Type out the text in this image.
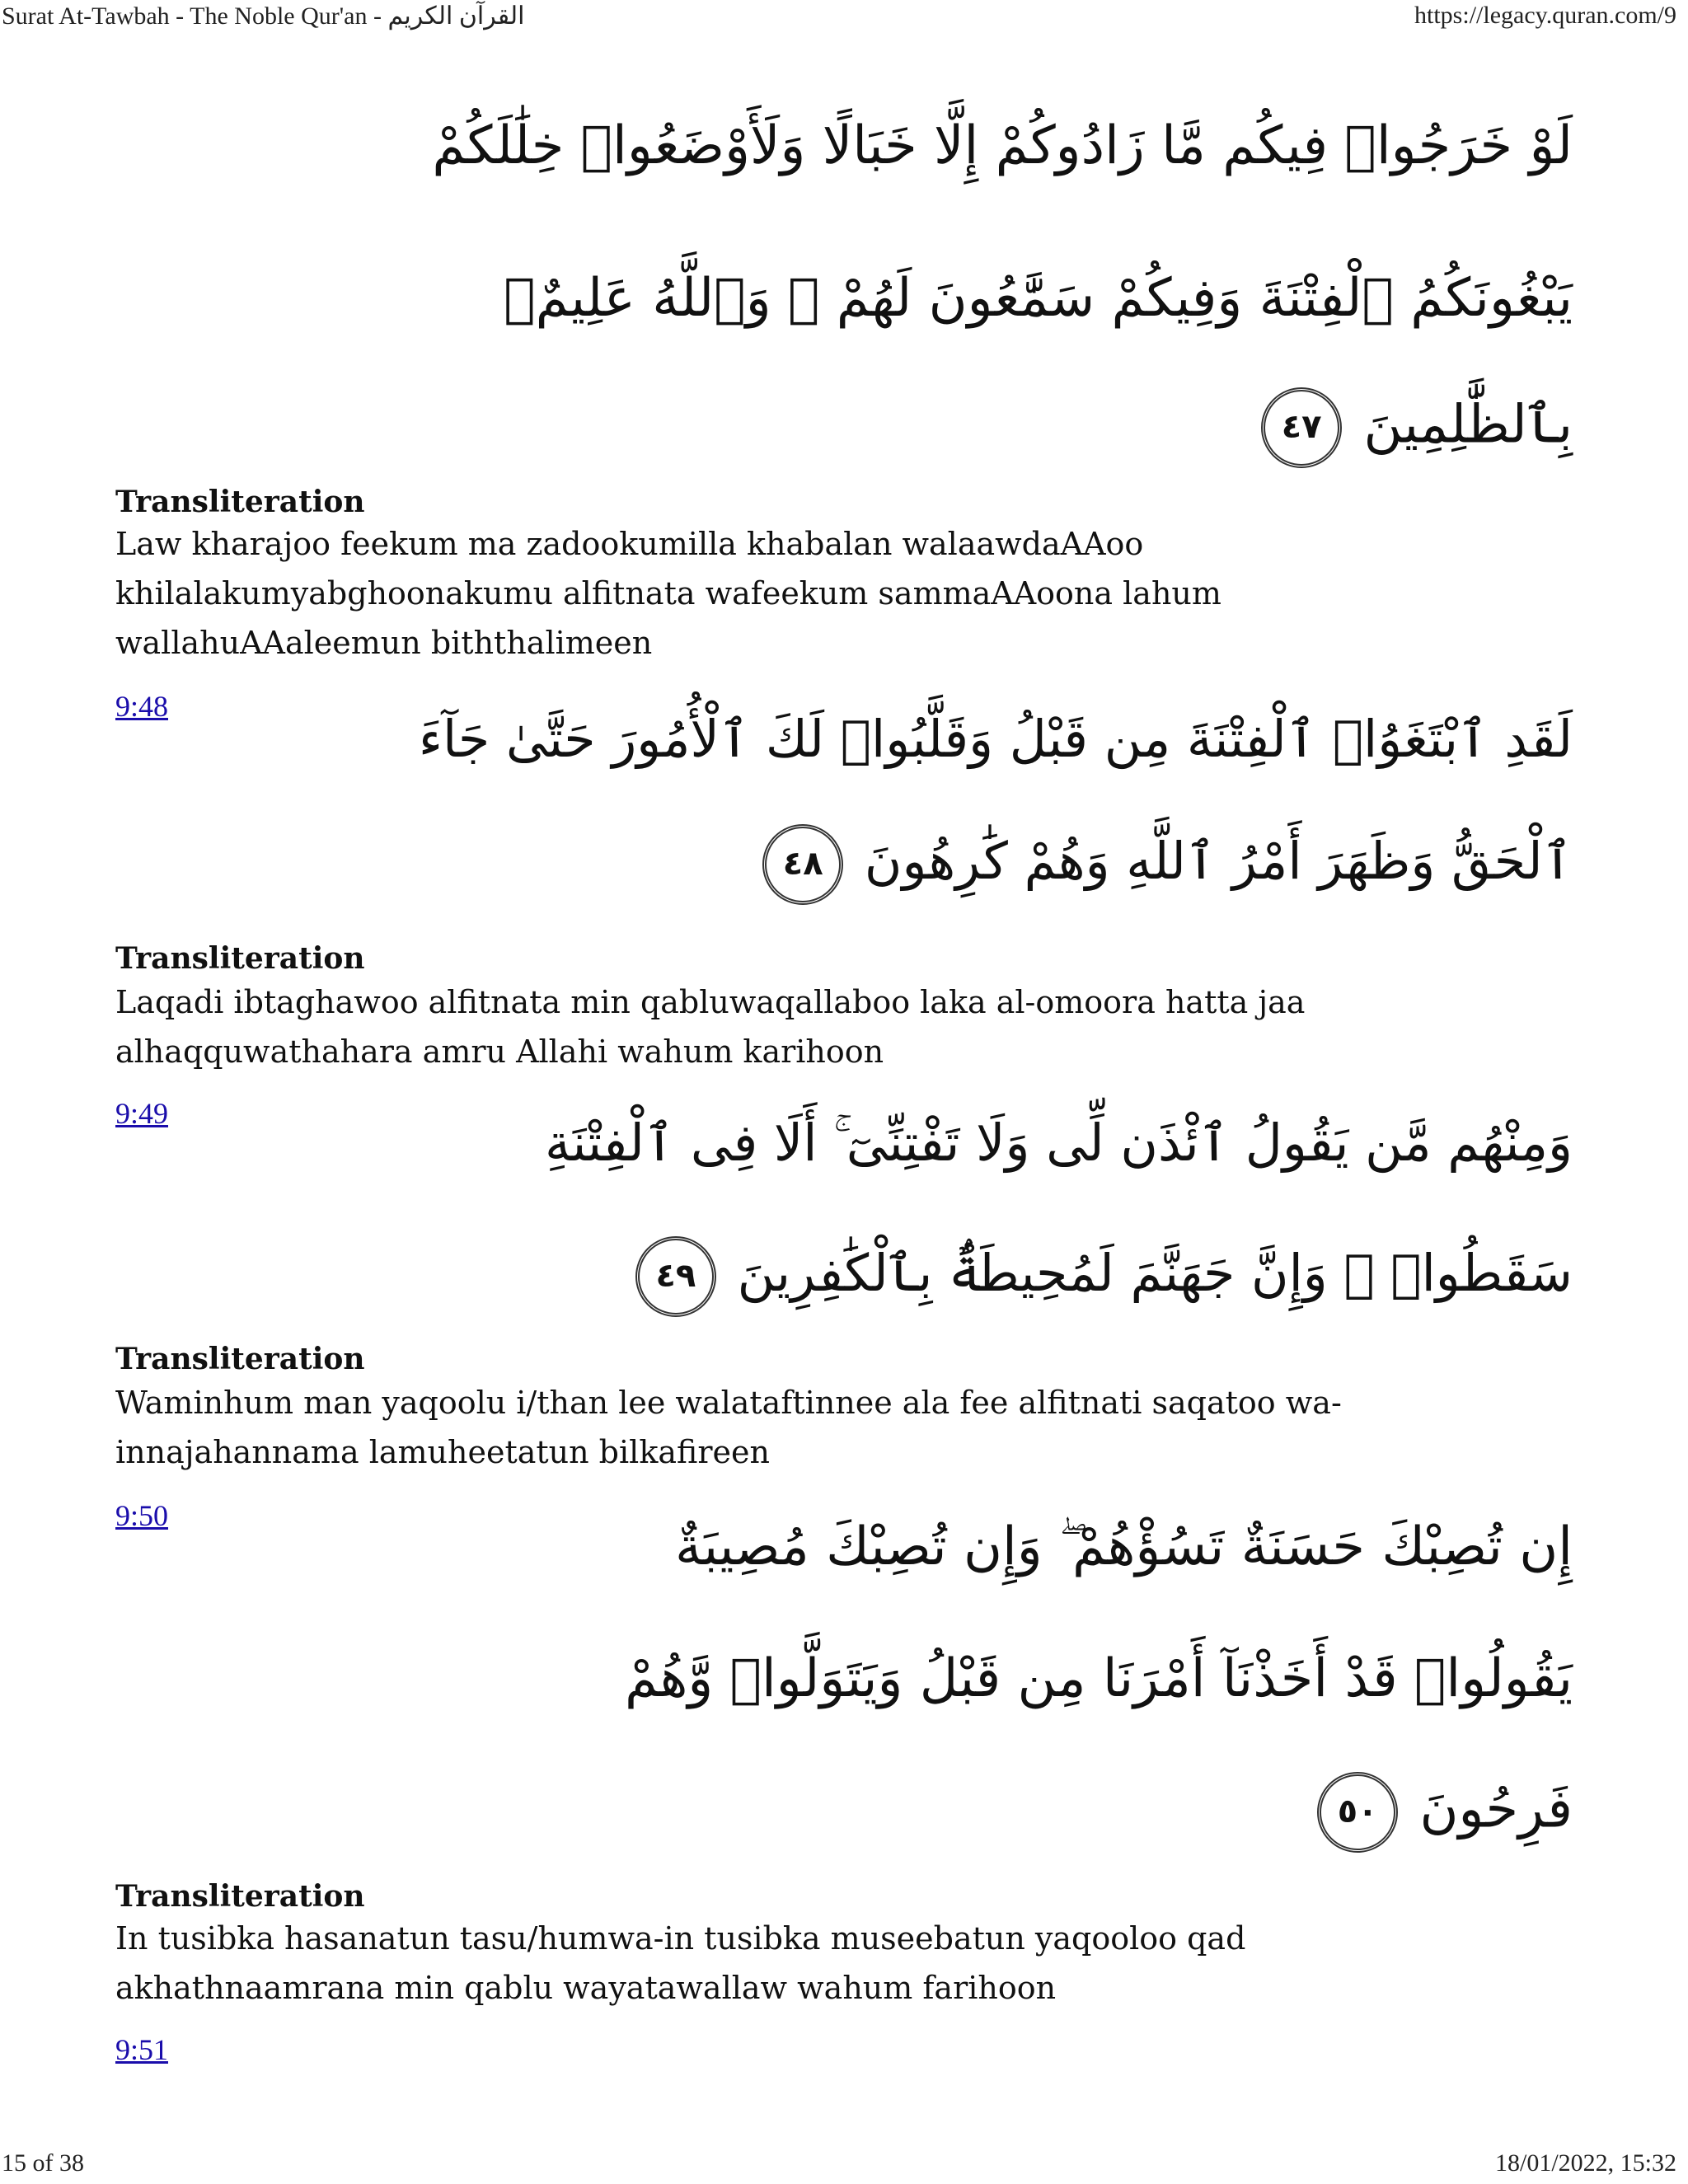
Surat At-Tawbah - The Noble Qur'an - القرآن الكريم	https://legacy.quran.com/9
لَوْ خَرَجُوا۟ فِيكُم مَّا زَادُوكُمْ إِلَّا خَبَالًا وَلَأَوْضَعُوا۟ خِلَٰلَكُمْ
يَبْغُونَكُمُ ٱلْفِتْنَةَ وَفِيكُمْ سَمَّٰعُونَ لَهُمْ ۗ وَٱللَّهُ عَلِيمٌۢ
بِٱلظَّٰلِمِينَ ٤٧
Transliteration
Law kharajoo feekum ma zadookumilla khabalan walaawdaAAoo khilalakumyabghoonakumu alfitnata wafeekum sammaAAoona lahum wallahuAAaleemun biththalimeen
9:48
لَقَدِ ٱبْتَغَوُا۟ ٱلْفِتْنَةَ مِن قَبْلُ وَقَلَّبُوا۟ لَكَ ٱلْأُمُورَ حَتَّىٰ جَآءَ
ٱلْحَقُّ وَظَهَرَ أَمْرُ ٱللَّهِ وَهُمْ كَٰرِهُونَ ٤٨
Transliteration
Laqadi ibtaghawoo alfitnata min qabluwaqallaboo laka al-omoora hatta jaa alhaqquwathahara amru Allahi wahum karihoon
9:49	وَمِنْهُم مَّن يَقُولُ ٱئْذَن لِّى وَلَا تَفْتِنِّىٓ ۚ أَلَا فِى ٱلْفِتْنَةِ
سَقَطُوا۟ ۗ وَإِنَّ جَهَنَّمَ لَمُحِيطَةٌۢ بِٱلْكَٰفِرِينَ ٤٩
Transliteration
Waminhum man yaqoolu i/than lee walataftinnee ala fee alfitnati saqatoo wa-innajahannama lamuheetatun bilkafireen
9:50
إِن تُصِبْكَ حَسَنَةٌ تَسُؤْهُمْ ۖ وَإِن تُصِبْكَ مُصِيبَةٌ
يَقُولُوا۟ قَدْ أَخَذْنَآ أَمْرَنَا مِن قَبْلُ وَيَتَوَلَّوا۟ وَّهُمْ
فَرِحُونَ ٥٠
Transliteration
In tusibka hasanatun tasu/humwa-in tusibka museebatun yaqooloo qad akhathnaamrana min qablu wayatawallaw wahum farihoon
9:51
15 of 38	18/01/2022, 15:32
